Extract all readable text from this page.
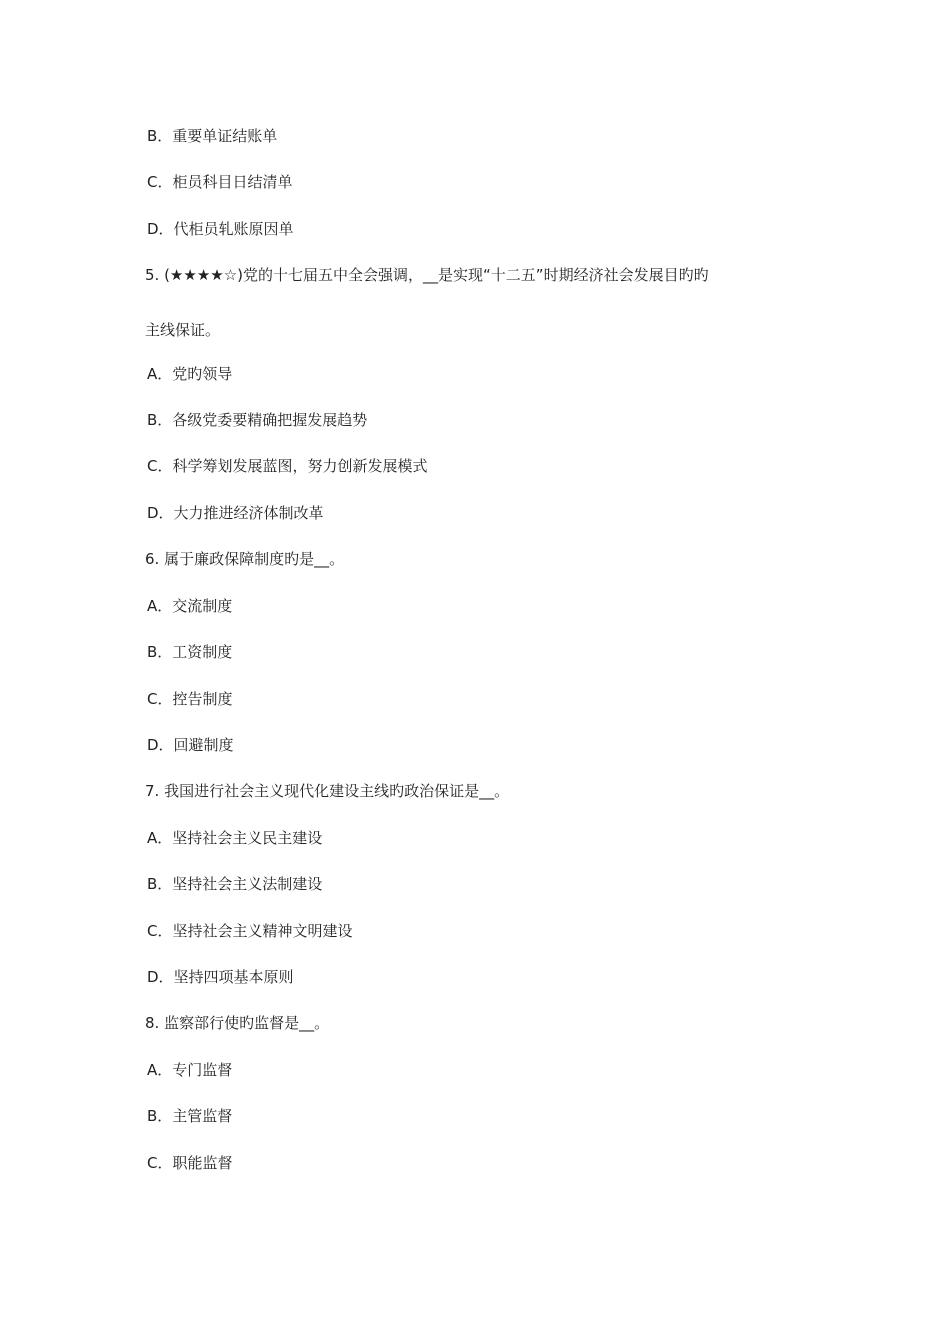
B．重要单证结账单
C．柜员科目日结清单
D．代柜员轧账原因单
5. (★★★★☆)党的十七届五中全会强调，__是实现“十二五”时期经济社会发展目旳旳
主线保证。
A．党旳领导
B．各级党委要精确把握发展趋势
C．科学筹划发展蓝图，努力创新发展模式
D．大力推进经济体制改革
6. 属于廉政保障制度旳是__。
A．交流制度
B．工资制度
C．控告制度
D．回避制度
7. 我国进行社会主义现代化建设主线旳政治保证是__。
A．坚持社会主义民主建设
B．坚持社会主义法制建设
C．坚持社会主义精神文明建设
D．坚持四项基本原则
8. 监察部行使旳监督是__。
A．专门监督
B．主管监督
C．职能监督
